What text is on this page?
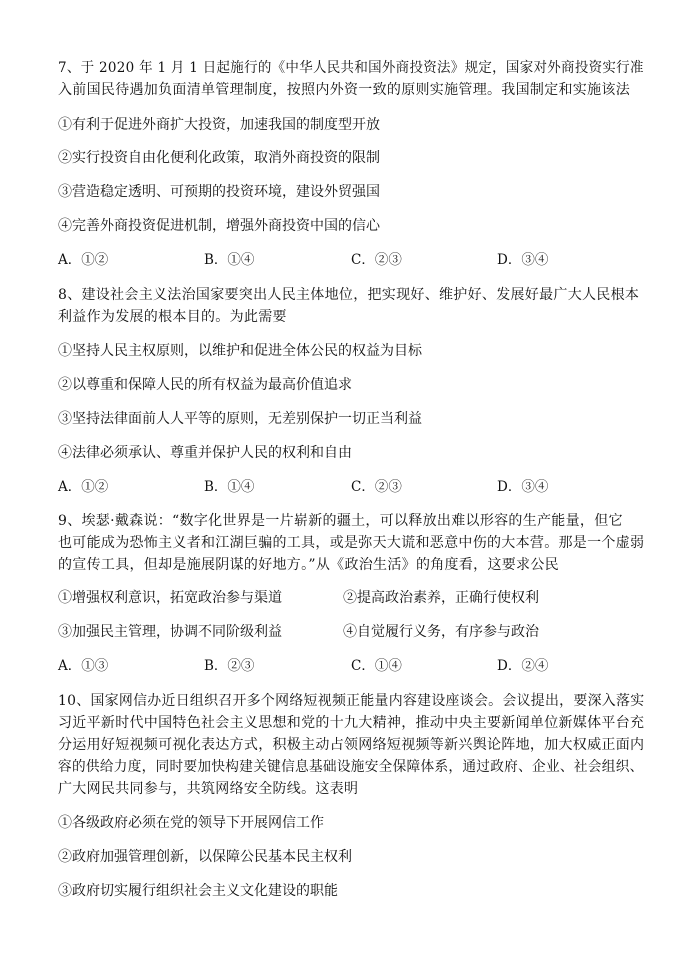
7、于 2020 年 1 月 1 日起施行的《中华人民共和国外商投资法》规定，国家对外商投资实行准
入前国民待遇加负面清单管理制度，按照内外资一致的原则实施管理。我国制定和实施该法
①有利于促进外商扩大投资，加速我国的制度型开放
②实行投资自由化便利化政策，取消外商投资的限制
③营造稳定透明、可预期的投资环境，建设外贸强国
④完善外商投资促进机制，增强外商投资中国的信心
A．①②	B．①④	C．②③	D．③④
8、建设社会主义法治国家要突出人民主体地位，把实现好、维护好、发展好最广大人民根本
利益作为发展的根本目的。为此需要
①坚持人民主权原则，以维护和促进全体公民的权益为目标
②以尊重和保障人民的所有权益为最高价值追求
③坚持法律面前人人平等的原则，无差别保护一切正当利益
④法律必须承认、尊重并保护人民的权利和自由
A．①②	B．①④	C．②③	D．③④
9、埃瑟·戴森说：“数字化世界是一片崭新的疆土，可以释放出难以形容的生产能量，但它
也可能成为恐怖主义者和江湖巨骗的工具，或是弥天大谎和恶意中伤的大本营。那是一个虚弱
的宣传工具，但却是施展阴谋的好地方。”从《政治生活》的角度看，这要求公民
①增强权利意识，拓宽政治参与渠道	②提高政治素养，正确行使权利
③加强民主管理，协调不同阶级利益	④自觉履行义务，有序参与政治
A．①③	B．②③	C．①④	D．②④
10、国家网信办近日组织召开多个网络短视频正能量内容建设座谈会。会议提出，要深入落实
习近平新时代中国特色社会主义思想和党的十九大精神，推动中央主要新闻单位新媒体平台充
分运用好短视频可视化表达方式，积极主动占领网络短视频等新兴舆论阵地，加大权威正面内
容的供给力度，同时要加快构建关键信息基础设施安全保障体系，通过政府、企业、社会组织、
广大网民共同参与，共筑网络安全防线。这表明
①各级政府必须在党的领导下开展网信工作
②政府加强管理创新，以保障公民基本民主权利
③政府切实履行组织社会主义文化建设的职能
